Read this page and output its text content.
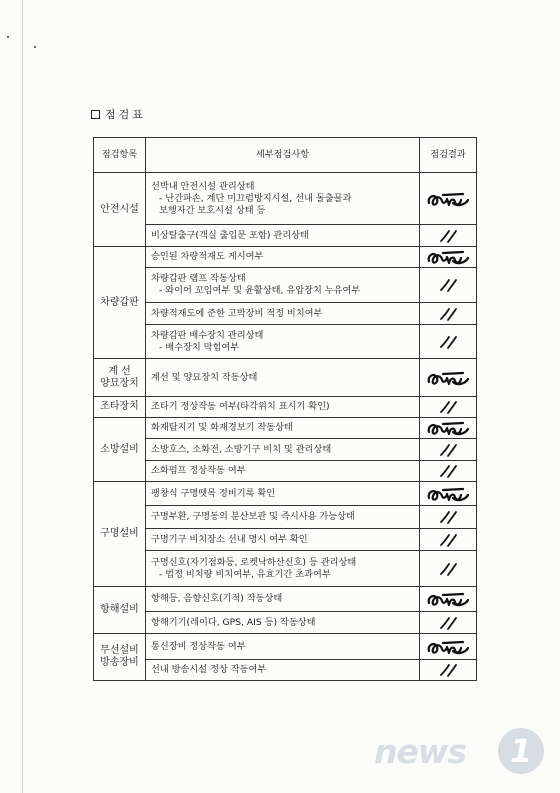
점검표
점검항목	세부점검사항	점검결과

안전시설	선박내 안전시설 관리상태
- 난간파손, 계단 미끄럼방지시설, 선내 돌출물과
보행자간 보호시설 상태 등

	비상탈출구(객실 출입문 포함) 관리상태

차량갑판	승인된 차량적재도 게시여부

	차량갑판 램프 작동상태
- 와이어 꼬임여부 및 윤활상태, 유압장치 누유여부

	차량적재도에 준한 고박장비 적정 비치여부

	차량갑판 배수장치 관리상태
- 배수장치 막힘여부

계 선
양묘장치	계선 및 양묘장치 작동상태

조타장치	조타기 정상작동 여부(타각위치 표시기 확인)

소방설비	화재탐지기 및 화재경보기 작동상태

	소방호스, 소화전, 소방기구 비치 및 관리상태

	소화펌프 정상작동 여부

구명설비	팽창식 구명뗏목 정비기록 확인

	구명부환, 구명동의 분산보관 및 즉시사용 가능상태

	구명기구 비치장소 선내 명시 여부 확인

	구명신호(자기점화등, 로켓낙하산신호) 등 관리상태
- 법정 비치량 비치여부, 유효기간 초과여부

항해설비	항해등, 음향신호(기적) 작동상태

	항해기기(레이다, GPS, AIS 등) 작동상태

무선설비
방송장비	통신장비 정상작동 여부

	선내 방송시설 정상 작동여부

news	1
